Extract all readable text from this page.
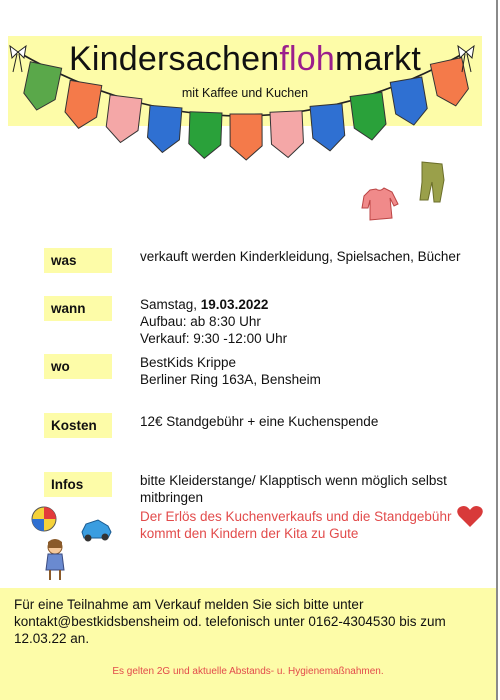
Kindersachenflohmarkt
mit Kaffee und Kuchen
was	verkauft werden Kinderkleidung, Spielsachen, Bücher
wann	Samstag, 19.03.2022
Aufbau: ab 8:30 Uhr
Verkauf: 9:30 -12:00 Uhr
wo	BestKids Krippe
Berliner Ring 163A, Bensheim
Kosten	12€ Standgebühr + eine Kuchenspende
Infos	bitte Kleiderstange/ Klapptisch wenn möglich selbst mitbringen
Der Erlös des Kuchenverkaufs und die Standgebühr kommt den Kindern der Kita zu Gute
Für eine Teilnahme am Verkauf melden Sie sich bitte unter kontakt@bestkidsbensheim od. telefonisch unter 0162-4304530 bis zum 12.03.22 an.
Es gelten 2G und aktuelle Abstands- u. Hygienemaßnahmen.
